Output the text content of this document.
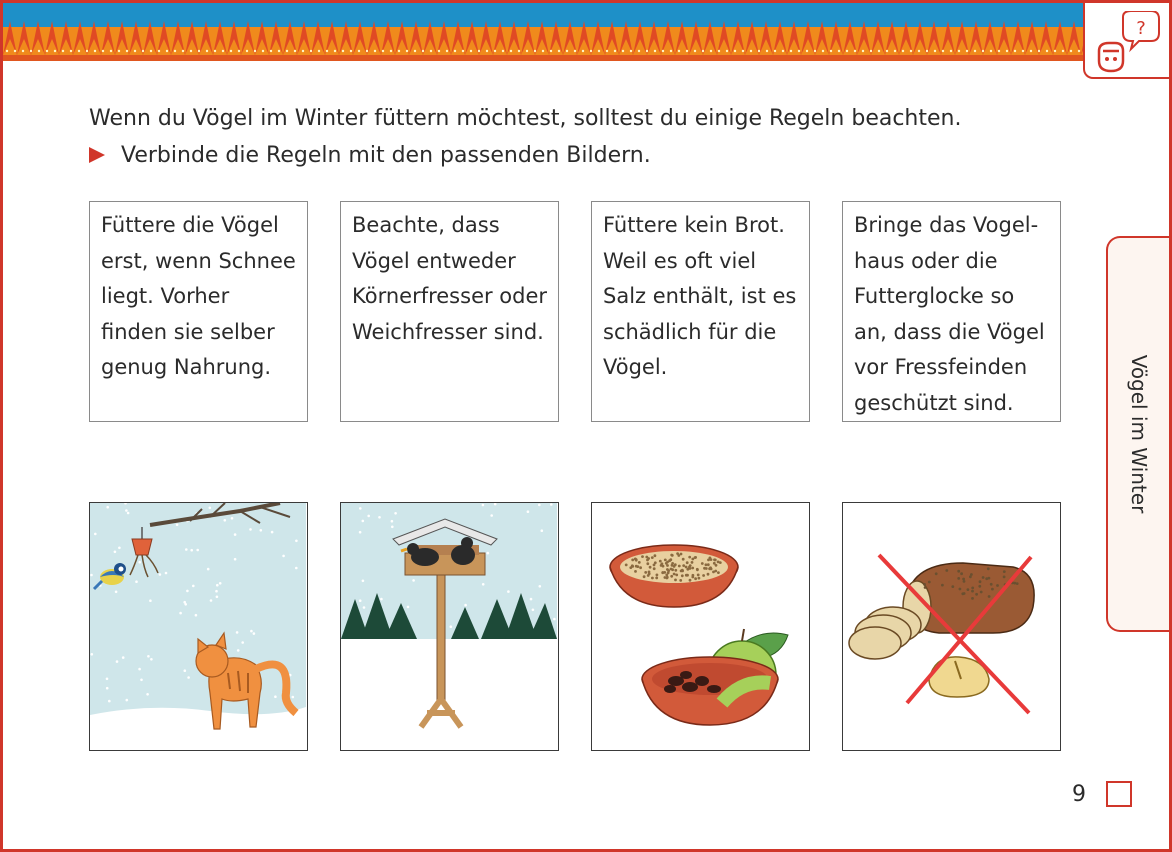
?
Wenn du Vögel im Winter füttern möchtest, solltest du einige Regeln beachten.
Verbinde die Regeln mit den passenden Bildern.
Füttere die Vögel erst, wenn Schnee liegt. Vorher finden sie selber genug Nahrung.
Beachte, dass Vögel entweder Körnerfresser oder Weichfresser sind.
Füttere kein Brot. Weil es oft viel Salz enthält, ist es schädlich für die Vögel.
Bringe das Vogel-haus oder die Futterglocke so an, dass die Vögel vor Fressfeinden geschützt sind.	Vögel im Winter
9
